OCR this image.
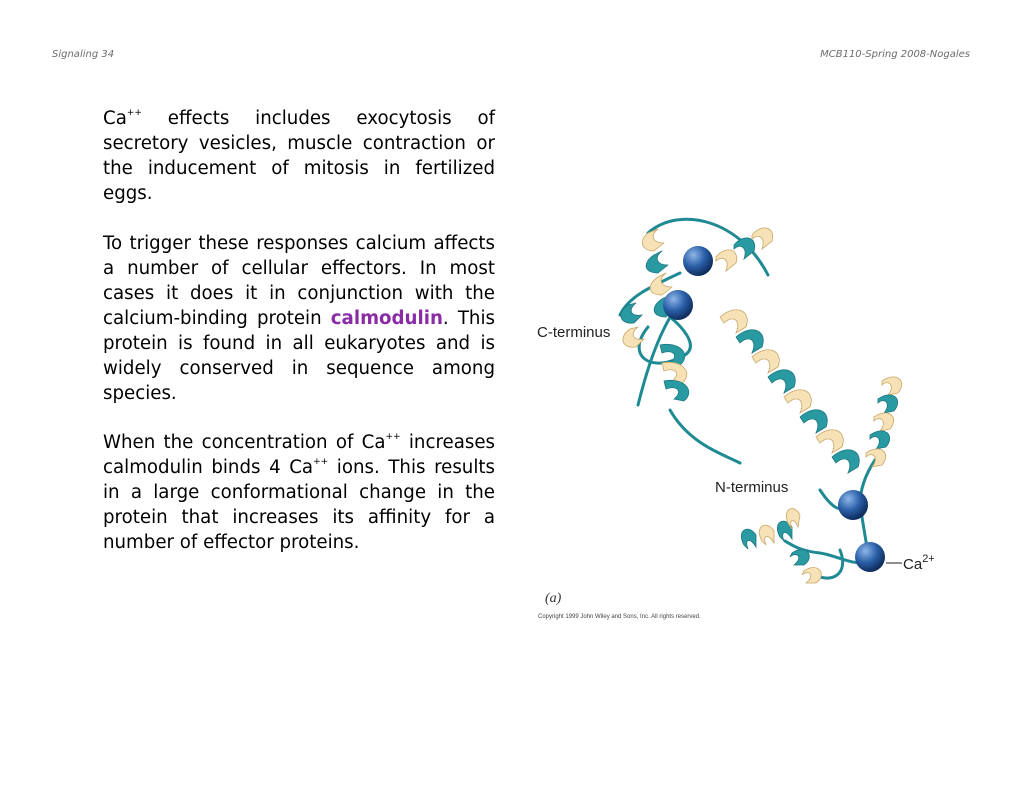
Signaling 34	MCB110-Spring 2008-Nogales
Ca++ effects includes exocytosis of secretory vesicles, muscle contraction or the inducement of mitosis in fertilized eggs.
To trigger these responses calcium affects a number of cellular effectors. In most cases it does it in conjunction with the calcium-binding protein calmodulin. This protein is found in all eukaryotes and is widely conserved in sequence among species.
When the concentration of Ca++ increases calmodulin binds 4 Ca++ ions. This results in a large conformational change in the protein that increases its affinity for a number of effector proteins.
C-terminus
N-terminus
$Ca^{2+}$
(a)
Copyright 1999 John Wiley and Sons, Inc. All rights reserved.
